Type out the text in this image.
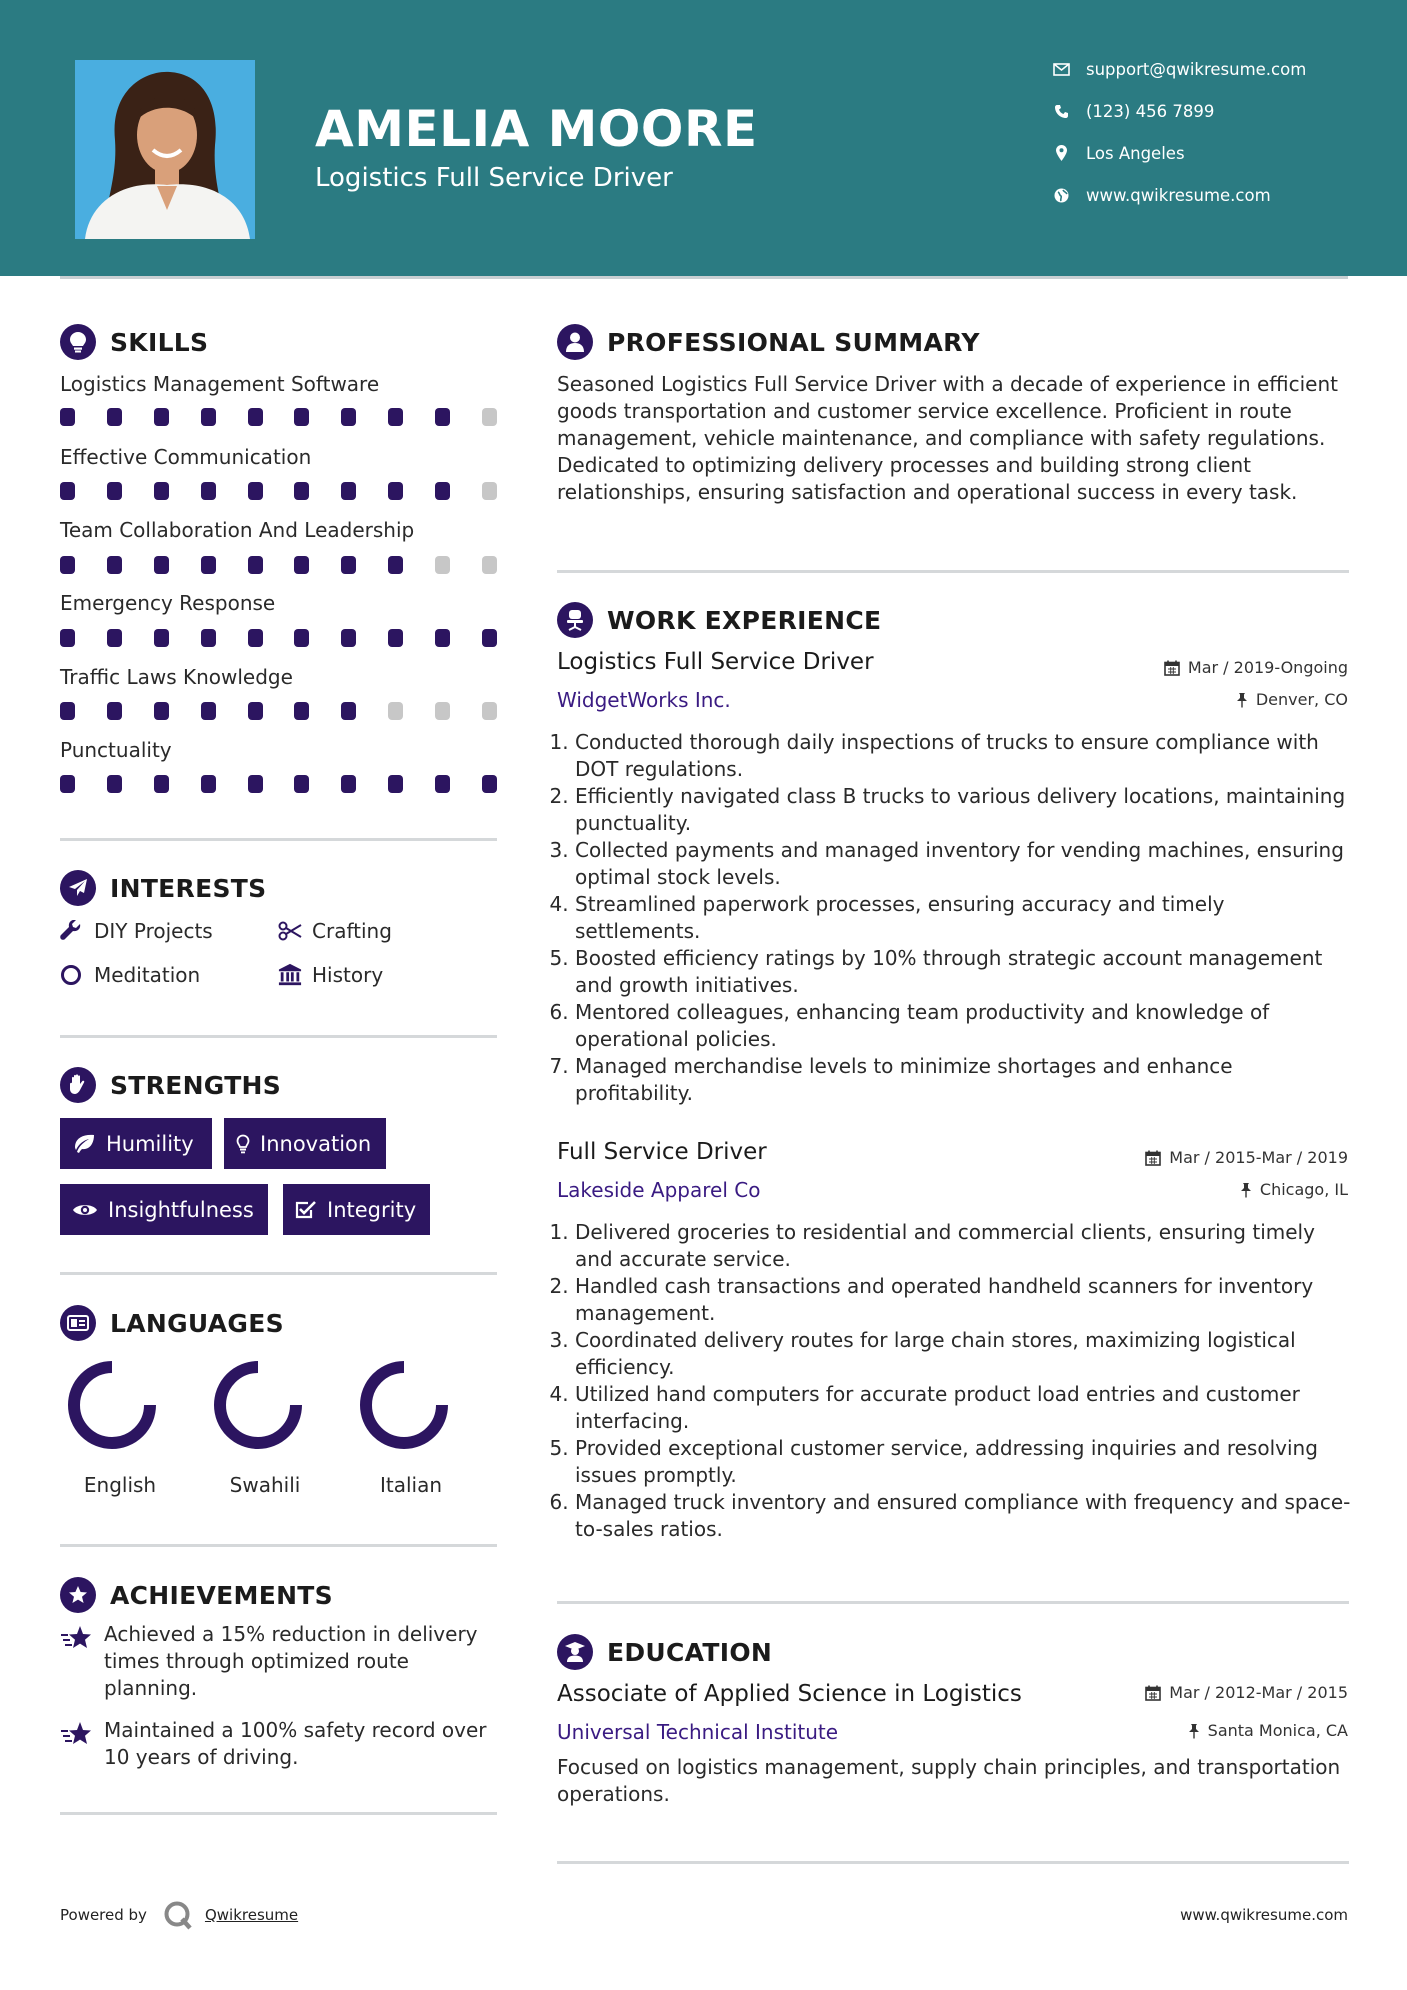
AMELIA MOORE
Logistics Full Service Driver
support@qwikresume.com
(123) 456 7899
Los Angeles
www.qwikresume.com
SKILLS
Logistics Management Software
Effective Communication
Team Collaboration And Leadership
Emergency Response
Traffic Laws Knowledge
Punctuality
INTERESTS
DIY Projects	Crafting
Meditation	History
STRENGTHS
Humility	Innovation
Insightfulness	Integrity
LANGUAGES
English	Swahili	Italian
ACHIEVEMENTS
Achieved a 15% reduction in delivery times through optimized route planning.
Maintained a 100% safety record over 10 years of driving.
PROFESSIONAL SUMMARY
Seasoned Logistics Full Service Driver with a decade of experience in efficient goods transportation and customer service excellence. Proficient in route management, vehicle maintenance, and compliance with safety regulations. Dedicated to optimizing delivery processes and building strong client relationships, ensuring satisfaction and operational success in every task.
WORK EXPERIENCE
Logistics Full Service Driver	Mar / 2019-Ongoing
WidgetWorks Inc.	Denver, CO
1. Conducted thorough daily inspections of trucks to ensure compliance with DOT regulations.
2. Efficiently navigated class B trucks to various delivery locations, maintaining punctuality.
3. Collected payments and managed inventory for vending machines, ensuring optimal stock levels.
4. Streamlined paperwork processes, ensuring accuracy and timely settlements.
5. Boosted efficiency ratings by 10% through strategic account management and growth initiatives.
6. Mentored colleagues, enhancing team productivity and knowledge of operational policies.
7. Managed merchandise levels to minimize shortages and enhance profitability.
Full Service Driver	Mar / 2015-Mar / 2019
Lakeside Apparel Co	Chicago, IL
1. Delivered groceries to residential and commercial clients, ensuring timely and accurate service.
2. Handled cash transactions and operated handheld scanners for inventory management.
3. Coordinated delivery routes for large chain stores, maximizing logistical efficiency.
4. Utilized hand computers for accurate product load entries and customer interfacing.
5. Provided exceptional customer service, addressing inquiries and resolving issues promptly.
6. Managed truck inventory and ensured compliance with frequency and space-to-sales ratios.
EDUCATION
Associate of Applied Science in Logistics	Mar / 2012-Mar / 2015
Universal Technical Institute	Santa Monica, CA
Focused on logistics management, supply chain principles, and transportation operations.
Powered by	Qwikresume	www.qwikresume.com
